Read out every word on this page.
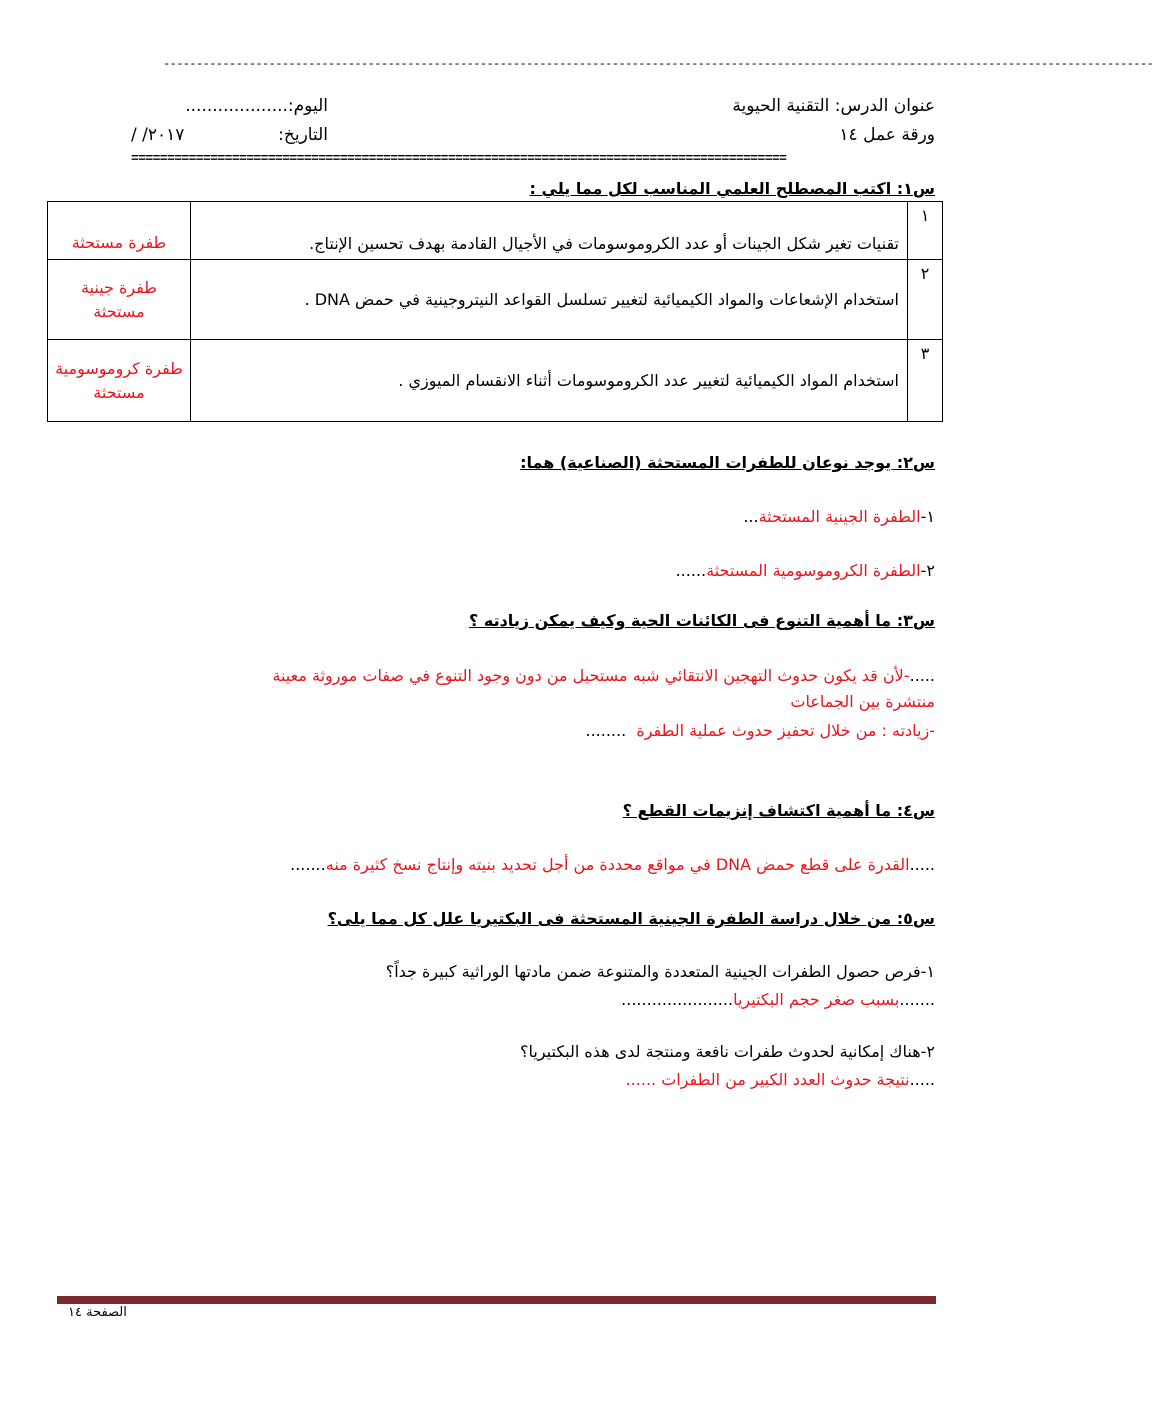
------------------------------------------------------------------------------------------------------------------------------------------------------
عنوان الدرس: التقنية الحيوية
ورقة عمل ١٤
اليوم:...................
التاريخ:
/ /٢٠١٧
===========================================================================================
س١: اكتب المصطلح العلمي المناسب لكل مما يلي :
١	تقنيات تغير شكل الجينات أو عدد الكروموسومات في الأجيال القادمة بهدف تحسين الإنتاج.	طفرة مستحثة
٢	استخدام الإشعاعات والمواد الكيميائية لتغيير تسلسل القواعد النيتروجينية في حمض DNA .	طفرة جينية مستحثة
٣	استخدام المواد الكيميائية لتغيير عدد الكروموسومات أثناء الانقسام الميوزي .	طفرة كروموسومية مستحثة
س٢: يوجد نوعان للطفرات المستحثة (الصناعية) هما:
١-الطفرة الجينية المستحثة...
٢-الطفرة الكروموسومية المستحثة......
س٣: ما أهمية التنوع فى الكائنات الحية وكيف يمكن زيادته ؟
.....-لأن قد يكون حدوث التهجين الانتقائي شبه مستحيل من دون وجود التنوع في صفات موروثة معينة
منتشرة بين الجماعات
-زيادته : من خلال تحفيز حدوث عملية الطفرة  ........
س٤: ما أهمية اكتشاف إنزيمات القطع ؟
.....القدرة على قطع حمض DNA في مواقع محددة من أجل تحديد بنيته وإنتاج نسخ كثيرة منه.......
س٥: من خلال دراسة الطفرة الجينية المستحثة فى البكتيريا علل كل مما يلى؟
١-فرص حصول الطفرات الجينية المتعددة والمتنوعة ضمن مادتها الوراثية كبيرة جداً؟
.......بسبب صغر حجم البكتيريا......................
٢-هناك إمكانية لحدوث طفرات نافعة ومنتجة لدى هذه البكتيريا؟
.....نتيجة حدوث العدد الكبير من الطفرات ......
الصفحة ١٤
